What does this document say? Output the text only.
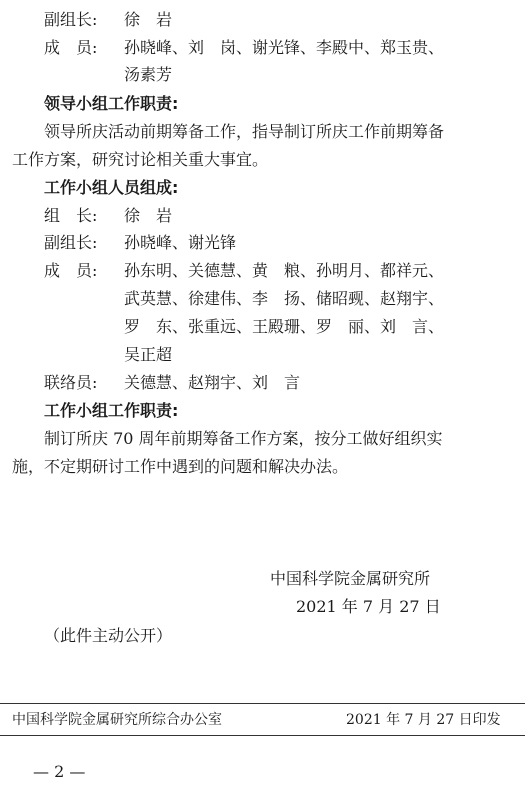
副组长: 徐　岩
成　员: 孙晓峰、刘　岗、谢光锋、李殿中、郑玉贵、
汤素芳
领导小组工作职责:
领导所庆活动前期筹备工作，指导制订所庆工作前期筹备
工作方案，研究讨论相关重大事宜。
工作小组人员组成:
组　长: 徐　岩
副组长: 孙晓峰、谢光锋
成　员: 孙东明、关德慧、黄　粮、孙明月、都祥元、
武英慧、徐建伟、李　扬、储昭觋、赵翔宇、
罗　东、张重远、王殿珊、罗　丽、刘　言、
吴正超
联络员: 关德慧、赵翔宇、刘　言
工作小组工作职责:
制订所庆 70 周年前期筹备工作方案，按分工做好组织实
施，不定期研讨工作中遇到的问题和解决办法。
中国科学院金属研究所
2021 年 7 月 27 日
（此件主动公开）
中国科学院金属研究所综合办公室	2021 年 7 月 27 日印发
— 2 —
